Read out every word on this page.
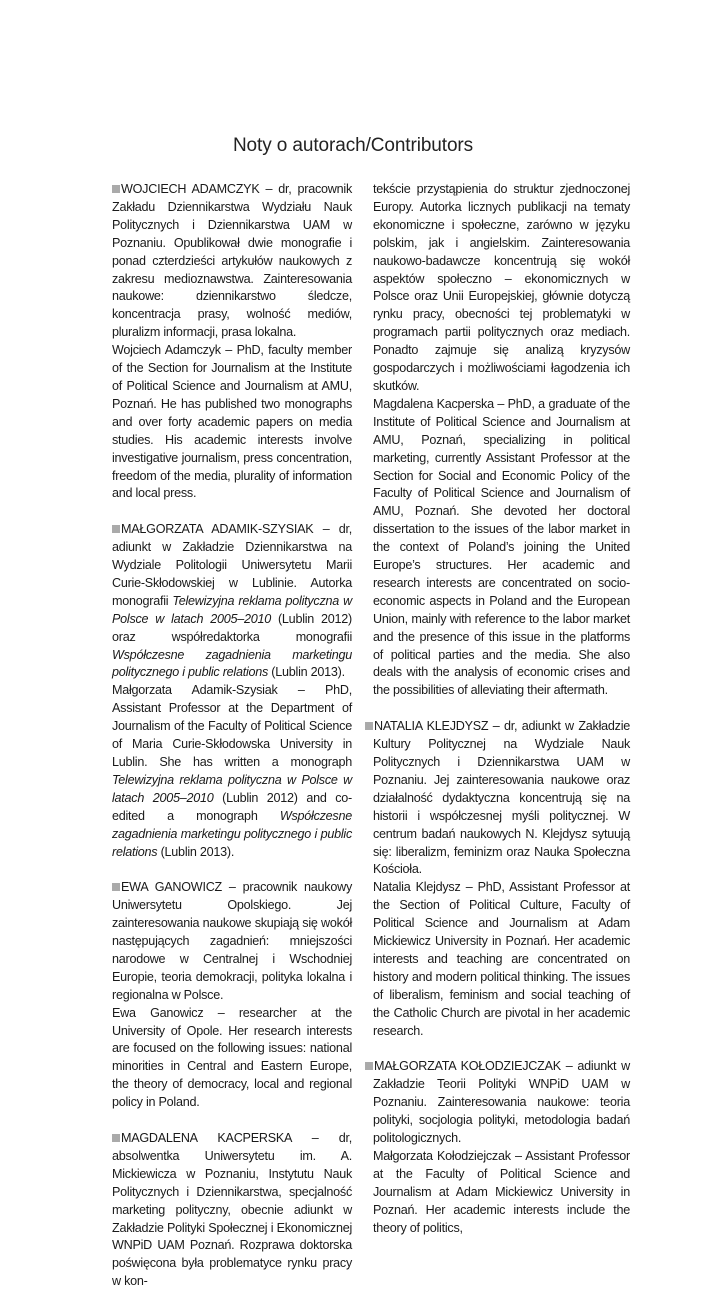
Noty o autorach/Contributors

WOJCIECH ADAMCZYK – dr, pracownik Zakładu Dziennikarstwa Wydziału Nauk Politycznych i Dziennikarstwa UAM w Poznaniu. Opublikował dwie monografie i ponad czterdzieści artykułów naukowych z zakresu medioznawstwa. Zainteresowania naukowe: dziennikarstwo śledcze, koncentracja prasy, wolność mediów, pluralizm informacji, prasa lokalna.

Wojciech Adamczyk – PhD, faculty member of the Section for Journalism at the Institute of Political Science and Journalism at AMU, Poznań. He has published two monographs and over forty academic papers on media studies. His academic interests involve investigative journalism, press concentration, freedom of the media, plurality of information and local press.

MAŁGORZATA ADAMIK-SZYSIAK – dr, adiunkt w Zakładzie Dziennikarstwa na Wydziale Politologii Uniwersytetu Marii Curie-Skłodowskiej w Lublinie. Autorka monografii Telewizyjna reklama polityczna w Polsce w latach 2005–2010 (Lublin 2012) oraz współredaktorka monografii Współczesne zagadnienia marketingu politycznego i public relations (Lublin 2013).

Małgorzata Adamik-Szysiak – PhD, Assistant Professor at the Department of Journalism of the Faculty of Political Science of Maria Curie-Skłodowska University in Lublin. She has written a monograph Telewizyjna reklama polityczna w Polsce w latach 2005–2010 (Lublin 2012) and co-edited a monograph Współczesne zagadnienia marketingu politycznego i public relations (Lublin 2013).

EWA GANOWICZ – pracownik naukowy Uniwersytetu Opolskiego. Jej zainteresowania naukowe skupiają się wokół następujących zagadnień: mniejszości narodowe w Centralnej i Wschodniej Europie, teoria demokracji, polityka lokalna i regionalna w Polsce.

Ewa Ganowicz – researcher at the University of Opole. Her research interests are focused on the following issues: national minorities in Central and Eastern Europe, the theory of democracy, local and regional policy in Poland.

MAGDALENA KACPERSKA – dr, absolwentka Uniwersytetu im. A. Mickiewicza w Poznaniu, Instytutu Nauk Politycznych i Dziennikarstwa, specjalność marketing polityczny, obecnie adiunkt w Zakładzie Polityki Społecznej i Ekonomicznej WNPiD UAM Poznań. Rozprawa doktorska poświęcona była problematyce rynku pracy w kon-

tekście przystąpienia do struktur zjednoczonej Europy. Autorka licznych publikacji na tematy ekonomiczne i społeczne, zarówno w języku polskim, jak i angielskim. Zainteresowania naukowo-badawcze koncentrują się wokół aspektów społeczno – ekonomicznych w Polsce oraz Unii Europejskiej, głównie dotyczą rynku pracy, obecności tej problematyki w programach partii politycznych oraz mediach. Ponadto zajmuje się analizą kryzysów gospodarczych i możliwościami łagodzenia ich skutków.

Magdalena Kacperska – PhD, a graduate of the Institute of Political Science and Journalism at AMU, Poznań, specializing in political marketing, currently Assistant Professor at the Section for Social and Economic Policy of the Faculty of Political Science and Journalism of AMU, Poznań. She devoted her doctoral dissertation to the issues of the labor market in the context of Poland’s joining the United Europe’s structures. Her academic and research interests are concentrated on socio-economic aspects in Poland and the European Union, mainly with reference to the labor market and the presence of this issue in the platforms of political parties and the media. She also deals with the analysis of economic crises and the possibilities of alleviating their aftermath.

NATALIA KLEJDYSZ – dr, adiunkt w Zakładzie Kultury Politycznej na Wydziale Nauk Politycznych i Dziennikarstwa UAM w Poznaniu. Jej zainteresowania naukowe oraz działalność dydaktyczna koncentrują się na historii i współczesnej myśli politycznej. W centrum badań naukowych N. Klejdysz sytuują się: liberalizm, feminizm oraz Nauka Społeczna Kościoła.

Natalia Klejdysz – PhD, Assistant Professor at the Section of Political Culture, Faculty of Political Science and Journalism at Adam Mickiewicz University in Poznań. Her academic interests and teaching are concentrated on history and modern political thinking. The issues of liberalism, feminism and social teaching of the Catholic Church are pivotal in her academic research.

MAŁGORZATA KOŁODZIEJCZAK – adiunkt w Zakładzie Teorii Polityki WNPiD UAM w Poznaniu. Zainteresowania naukowe: teoria polityki, socjologia polityki, metodologia badań politologicznych.

Małgorzata Kołodziejczak – Assistant Professor at the Faculty of Political Science and Journalism at Adam Mickiewicz University in Poznań. Her academic interests include the theory of politics,
